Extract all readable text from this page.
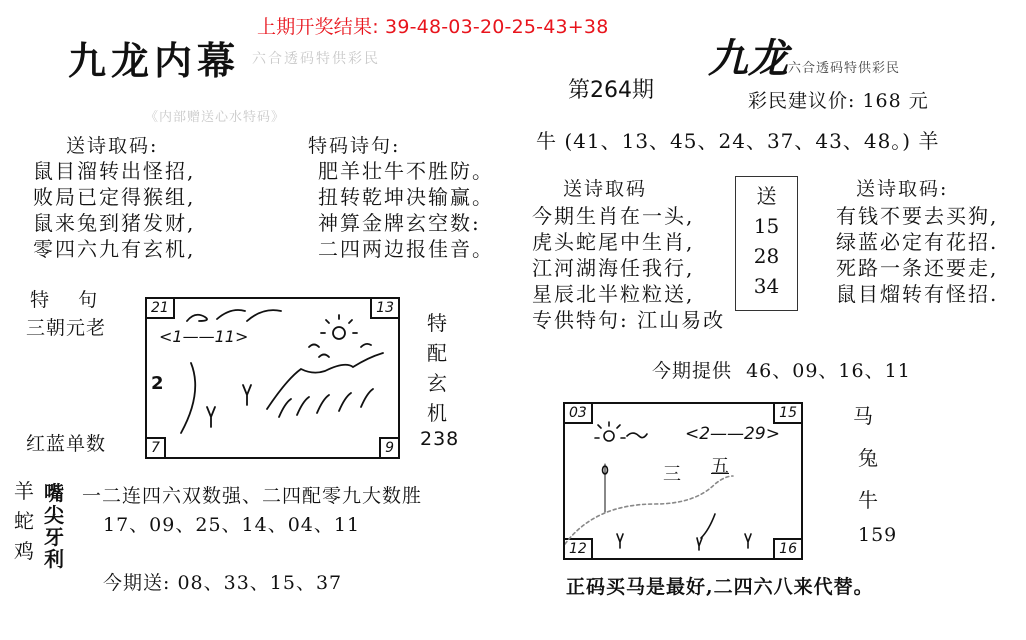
上期开奖结果: 39-48-03-20-25-43+38
九龙内幕 六合透码特供彩民
《内部赠送心水特码》
送诗取码:
鼠目溜转出怪招,
败局已定得猴组,
鼠来兔到猪发财,
零四六九有玄机,
特码诗句:
肥羊壮牛不胜防。
扭转乾坤决输赢。
神算金牌玄空数:
二四两边报佳音。
特    句
三朝元老
红蓝单数
21	13
7	9
<1——11>
2
特
配
玄
机
238
羊
蛇
鸡
嘴
尖
牙
利
一二连四六双数强、二四配零九大数胜
17、09、25、14、04、11
今期送: 08、33、15、37
九龙六合透码特供彩民
第264期	彩民建议价: 168 元
牛 (41、13、45、24、37、43、48。) 羊
送诗取码
今期生肖在一头,
虎头蛇尾中生肖,
江河湖海任我行,
星辰北半粒粒送,
专供特句: 江山易改
送
15
28
34
送诗取码:
有钱不要去买狗,
绿蓝必定有花招.
死路一条还要走,
鼠目熘转有怪招.
今期提供  46、09、16、11
03	15
12	16
<2——29>
三 五
马
兔
牛
159
正码买马是最好,二四六八来代替。
